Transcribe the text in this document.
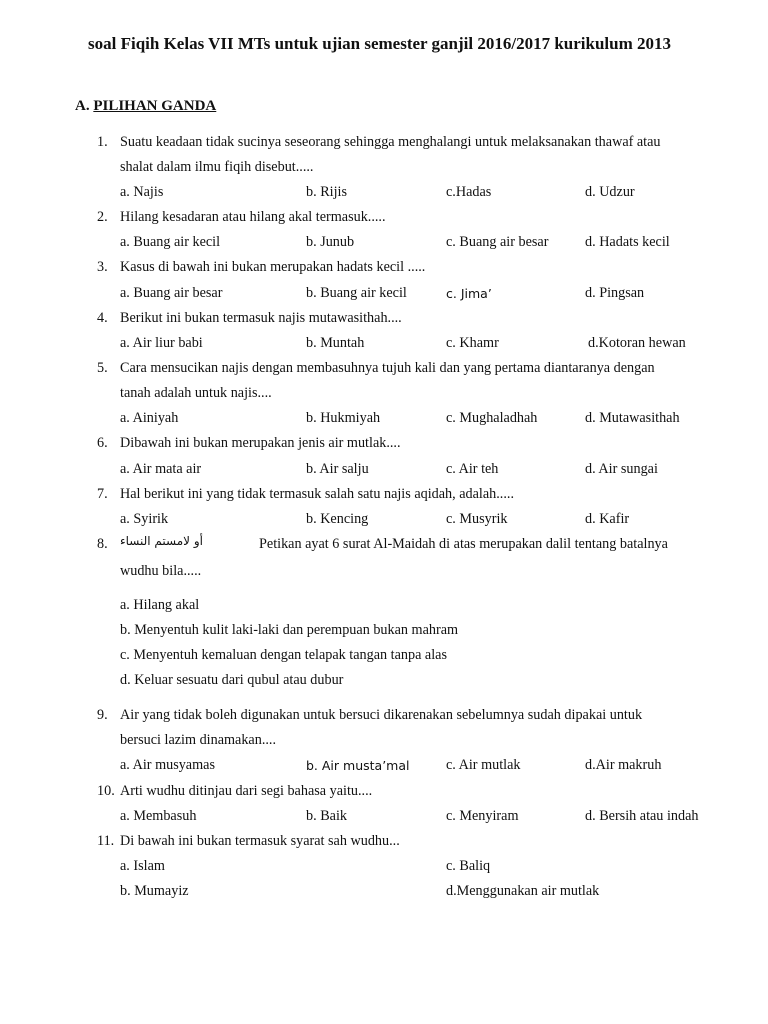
soal Fiqih Kelas VII MTs untuk ujian semester ganjil 2016/2017 kurikulum 2013
A. PILIHAN GANDA
1. Suatu keadaan tidak sucinya seseorang sehingga menghalangi untuk melaksanakan thawaf atau
shalat dalam ilmu fiqih disebut.....
a. Najis	b. Rijis	c.Hadas	d. Udzur
2. Hilang kesadaran atau hilang akal termasuk.....
a. Buang air kecil	b. Junub	c. Buang air besar	d. Hadats kecil
3. Kasus di bawah ini bukan merupakan hadats kecil .....
a. Buang air besar	b. Buang air kecil	c. Jima’	d. Pingsan
4. Berikut ini bukan termasuk najis mutawasithah....
a. Air liur babi	b. Muntah	c. Khamr	d.Kotoran hewan
5. Cara mensucikan najis dengan membasuhnya tujuh kali dan yang pertama diantaranya dengan
tanah adalah untuk najis....
a. Ainiyah	b. Hukmiyah	c. Mughaladhah	d. Mutawasithah
6. Dibawah ini bukan merupakan jenis air mutlak....
a. Air mata air	b. Air salju	c. Air teh	d. Air sungai
7. Hal berikut ini yang tidak termasuk salah satu najis aqidah, adalah.....
a. Syirik	b. Kencing	c. Musyrik	d. Kafir
8. أو لامستم النساء	Petikan ayat 6 surat Al-Maidah di atas merupakan dalil tentang batalnya
wudhu bila.....
a. Hilang akal
b. Menyentuh kulit laki-laki dan perempuan bukan mahram
c. Menyentuh kemaluan dengan telapak tangan tanpa alas
d. Keluar sesuatu dari qubul atau dubur
9. Air yang tidak boleh digunakan untuk bersuci dikarenakan sebelumnya sudah dipakai untuk
bersuci lazim dinamakan....
a. Air musyamas	b. Air musta’mal	c. Air mutlak	d.Air makruh
10. Arti wudhu ditinjau dari segi bahasa yaitu....
a. Membasuh	b. Baik	c. Menyiram	d. Bersih atau indah
11. Di bawah ini bukan termasuk syarat sah wudhu...
a. Islam	c. Baliq
b. Mumayiz	d.Menggunakan air mutlak
